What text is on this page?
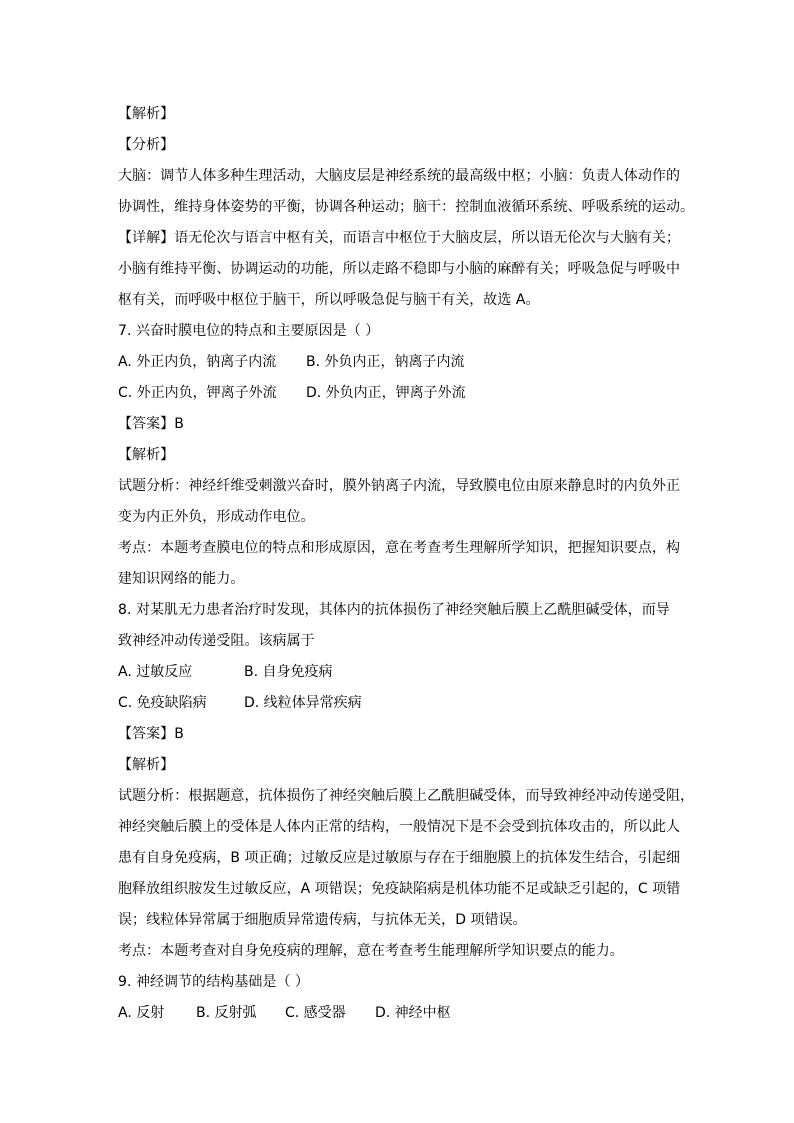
【解析】
【分析】
大脑：调节人体多种生理活动，大脑皮层是神经系统的最高级中枢；小脑：负责人体动作的
协调性，维持身体姿势的平衡，协调各种运动；脑干：控制血液循环系统、呼吸系统的运动。
【详解】语无伦次与语言中枢有关，而语言中枢位于大脑皮层，所以语无伦次与大脑有关；
小脑有维持平衡、协调运动的功能，所以走路不稳即与小脑的麻醉有关；呼吸急促与呼吸中
枢有关，而呼吸中枢位于脑干，所以呼吸急促与脑干有关，故选 A。
7. 兴奋时膜电位的特点和主要原因是（ ）
A. 外正内负，钠离子内流	B. 外负内正，钠离子内流
C. 外正内负，钾离子外流	D. 外负内正，钾离子外流
【答案】B
【解析】
试题分析：神经纤维受刺激兴奋时，膜外钠离子内流，导致膜电位由原来静息时的内负外正
变为内正外负，形成动作电位。
考点：本题考查膜电位的特点和形成原因，意在考查考生理解所学知识，把握知识要点，构
建知识网络的能力。
8. 对某肌无力患者治疗时发现，其体内的抗体损伤了神经突触后膜上乙酰胆碱受体，而导
致神经冲动传递受阻。该病属于
A. 过敏反应	B. 自身免疫病
C. 免疫缺陷病	D. 线粒体异常疾病
【答案】B
【解析】
试题分析：根据题意，抗体损伤了神经突触后膜上乙酰胆碱受体，而导致神经冲动传递受阻，
神经突触后膜上的受体是人体内正常的结构，一般情况下是不会受到抗体攻击的，所以此人
患有自身免疫病，B 项正确；过敏反应是过敏原与存在于细胞膜上的抗体发生结合，引起细
胞释放组织胺发生过敏反应，A 项错误；免疫缺陷病是机体功能不足或缺乏引起的，C 项错
误；线粒体异常属于细胞质异常遗传病，与抗体无关，D 项错误。
考点：本题考查对自身免疫病的理解，意在考查考生能理解所学知识要点的能力。
9. 神经调节的结构基础是（ ）
A. 反射	B. 反射弧	C. 感受器	D. 神经中枢
